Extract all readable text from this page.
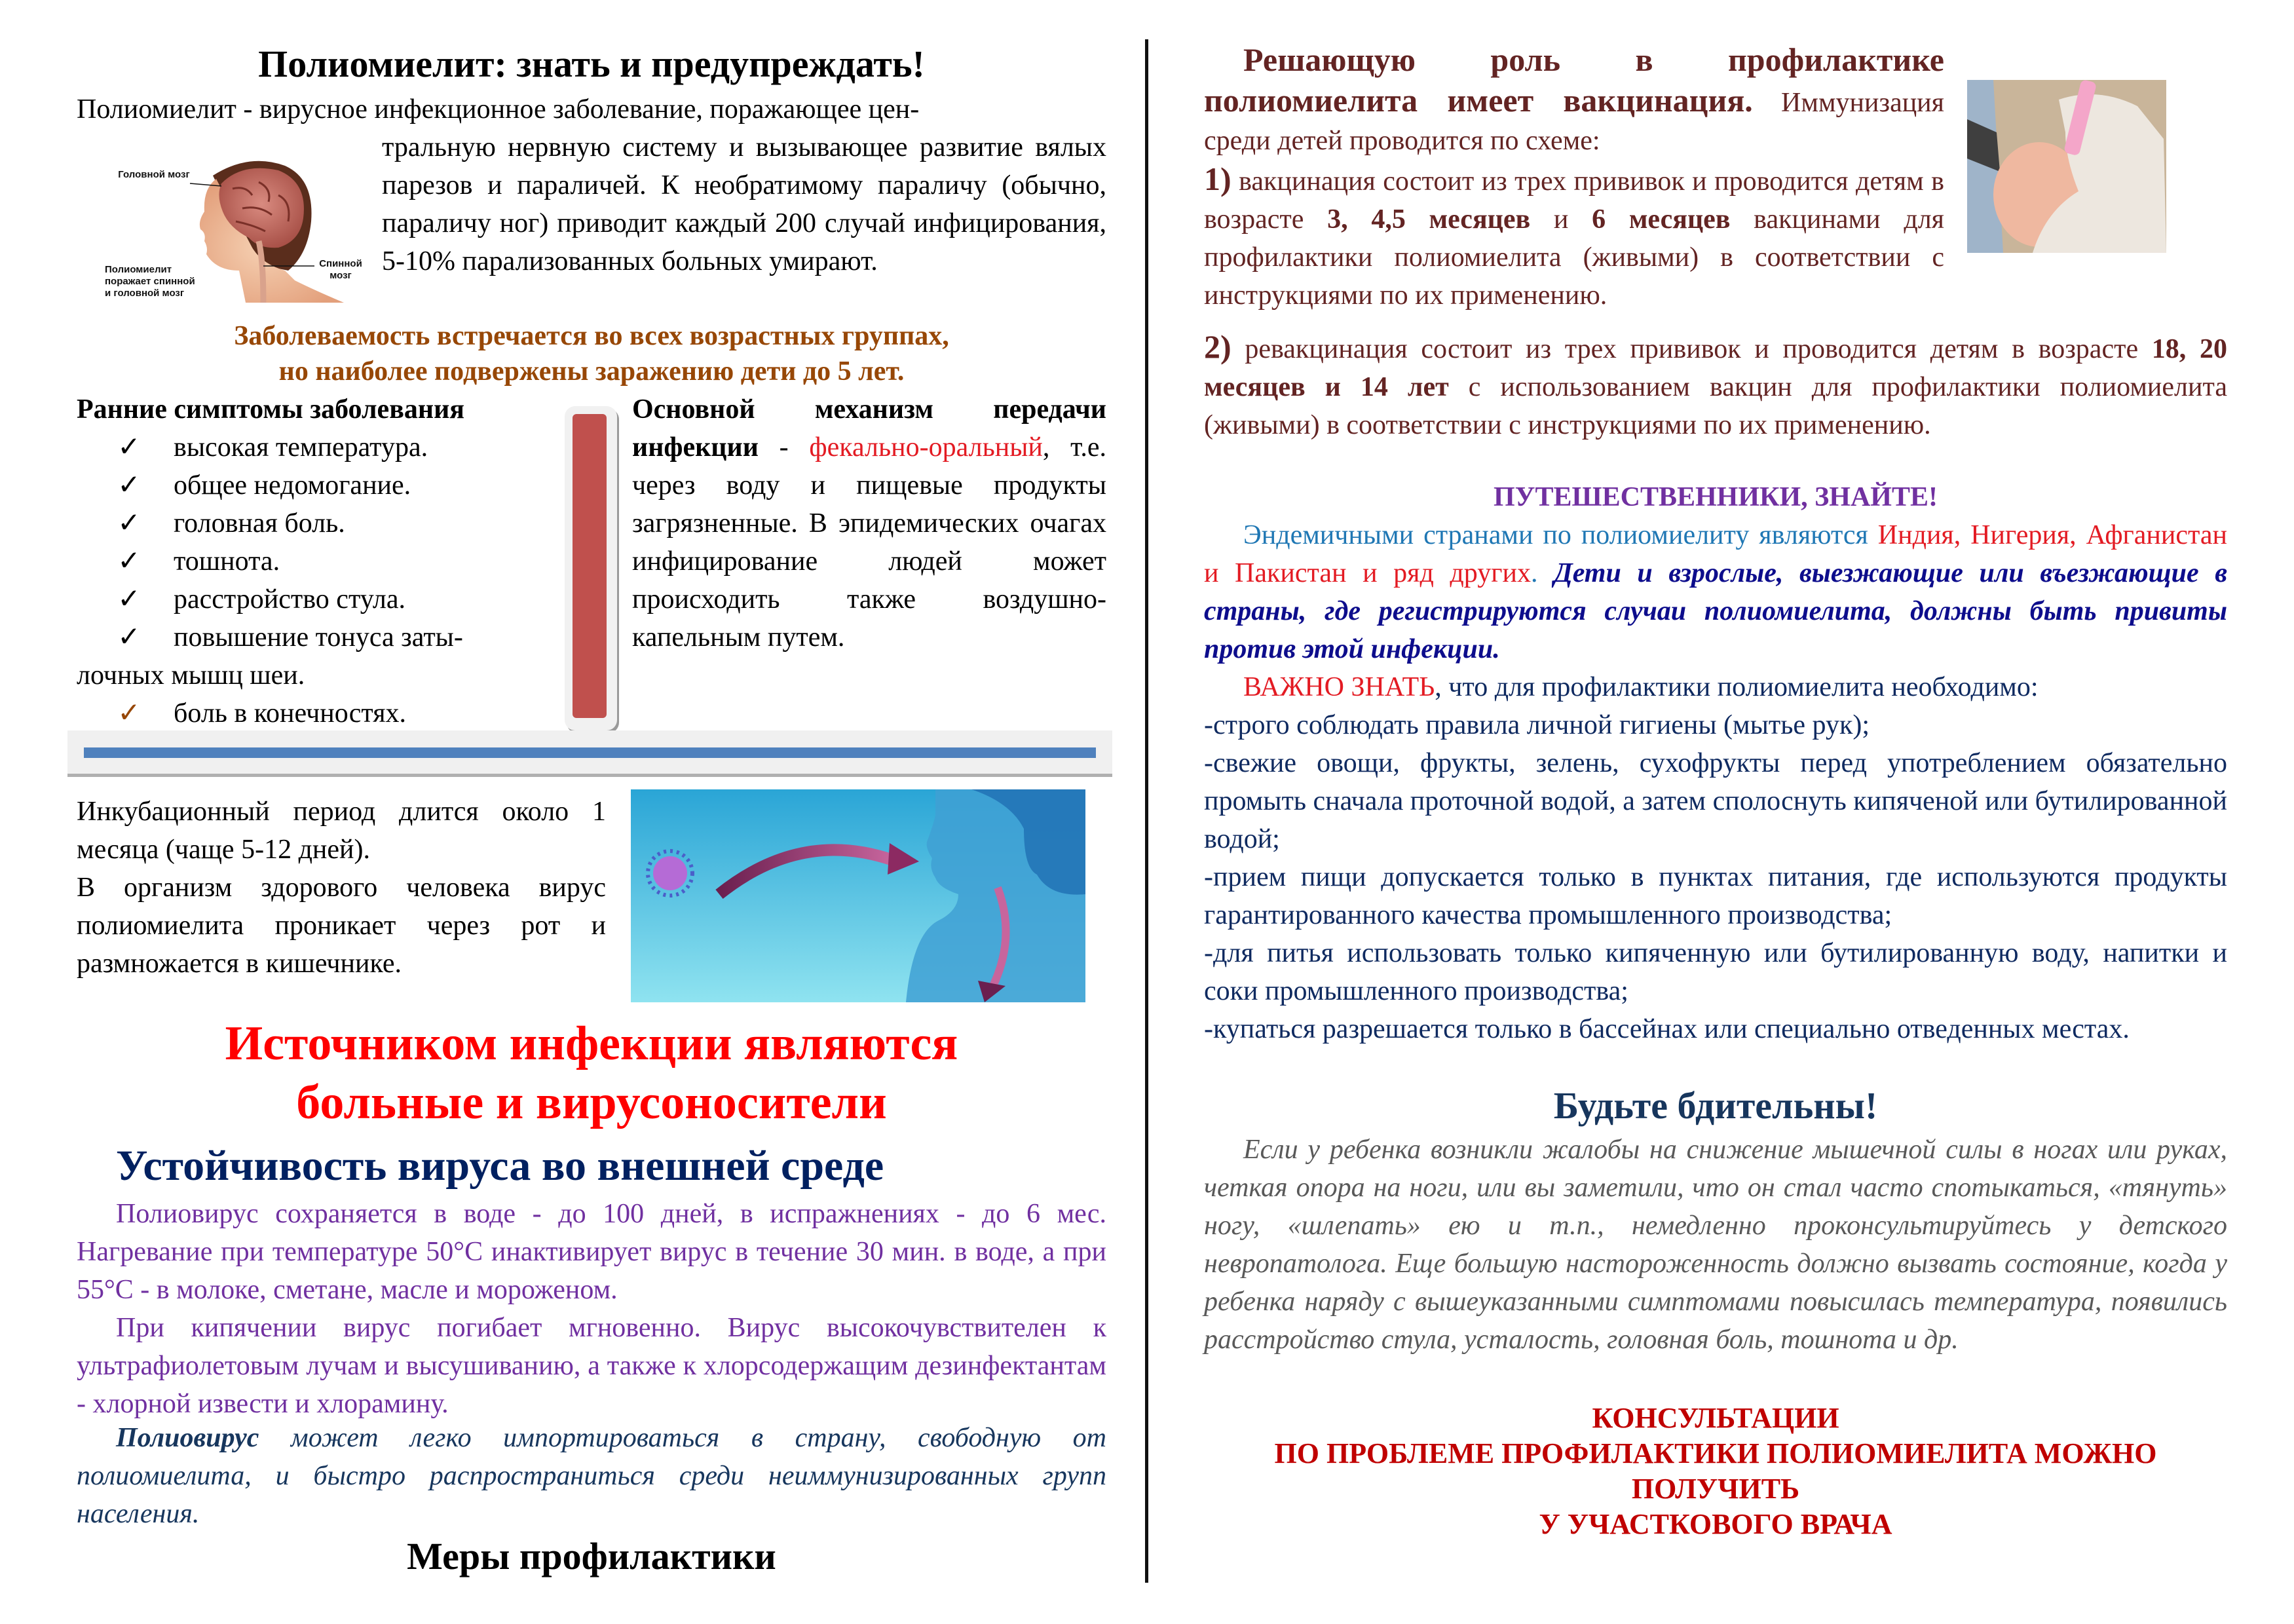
Полиомиелит: знать и предупреждать!
Полиомиелит - вирусное инфекционное заболевание, поражающее цен-
Головной мозг
Спинной мозг
Полиомиелит поражает спинной и головной мозг
тральную нервную систему и вызывающее развитие вялых парезов и параличей. К необратимому параличу (обычно, параличу ног) приводит каждый 200 случай инфицирования, 5-10% парализованных больных умирают.
Заболеваемость встречается во всех возрастных группах,
но наиболее подвержены заражению дети до 5 лет.
Ранние симптомы заболевания
✓ высокая температура.
✓ общее недомогание.
✓ головная боль.
✓ тошнота.
✓ расстройство стула.
✓ повышение тонуса заты-
лочных мышц шеи.
✓ боль в конечностях.
Основной механизм передачи инфекции - фекально-оральный, т.е. через воду и пищевые продукты загрязненные. В эпидемических очагах инфицирование людей может происходить также воздушно-капельным путем.
Инкубационный период длится около 1 месяца (чаще 5-12 дней).
В организм здорового человека вирус полиомиелита проникает через рот и размножается в кишечнике.
Источником инфекции являются
больные и вирусоносители
Устойчивость вируса во внешней среде
Полиовирус сохраняется в воде - до 100 дней, в испражнениях - до 6 мес. Нагревание при температуре 50°С инактивирует вирус в течение 30 мин. в воде, а при 55°С - в молоке, сметане, масле и мороженом.
При кипячении вирус погибает мгновенно. Вирус высокочувствителен к ультрафиолетовым лучам и высушиванию, а также к хлорсодержащим дезинфектантам - хлорной извести и хлорамину.
Полиовирус может легко импортироваться в страну, свободную от полиомиелита, и быстро распространиться среди неиммунизированных групп населения.
Меры профилактики
Решающую роль в профилактике полиомиелита имеет вакцинация. Иммунизация среди детей проводится по схеме:
1) вакцинация состоит из трех прививок и проводится детям в возрасте 3, 4,5 месяцев и 6 месяцев вакцинами для профилактики полиомиелита (живыми) в соответствии с инструкциями по их применению.
2) ревакцинация состоит из трех прививок и проводится детям в возрасте 18, 20 месяцев и 14 лет с использованием вакцин для профилактики полиомиелита (живыми) в соответствии с инструкциями по их применению.
ПУТЕШЕСТВЕННИКИ, ЗНАЙТЕ!
Эндемичными странами по полиомиелиту являются Индия, Нигерия, Афганистан и Пакистан и ряд других. Дети и взрослые, выезжающие или въезжающие в страны, где регистрируются случаи полиомиелита, должны быть привиты против этой инфекции.
ВАЖНО ЗНАТЬ, что для профилактики полиомиелита необходимо:
-строго соблюдать правила личной гигиены (мытье рук);
-свежие овощи, фрукты, зелень, сухофрукты перед употреблением обязательно промыть сначала проточной водой, а затем сполоснуть кипяченой или бутилированной водой;
-прием пищи допускается только в пунктах питания, где используются продукты гарантированного качества промышленного производства;
-для питья использовать только кипяченную или бутилированную воду, напитки и соки промышленного производства;
-купаться разрешается только в бассейнах или специально отведенных местах.
Будьте бдительны!
Если у ребенка возникли жалобы на снижение мышечной силы в ногах или руках, четкая опора на ноги, или вы заметили, что он стал часто спотыкаться, «тянуть» ногу, «шлепать» ею и т.п., немедленно проконсультируйтесь у детского невропатолога. Еще большую настороженность должно вызвать состояние, когда у ребенка наряду с вышеуказанными симптомами повысилась температура, появились расстройство стула, усталость, головная боль, тошнота и др.
КОНСУЛЬТАЦИИ
ПО ПРОБЛЕМЕ ПРОФИЛАКТИКИ ПОЛИОМИЕЛИТА МОЖНО
ПОЛУЧИТЬ
У УЧАСТКОВОГО ВРАЧА
